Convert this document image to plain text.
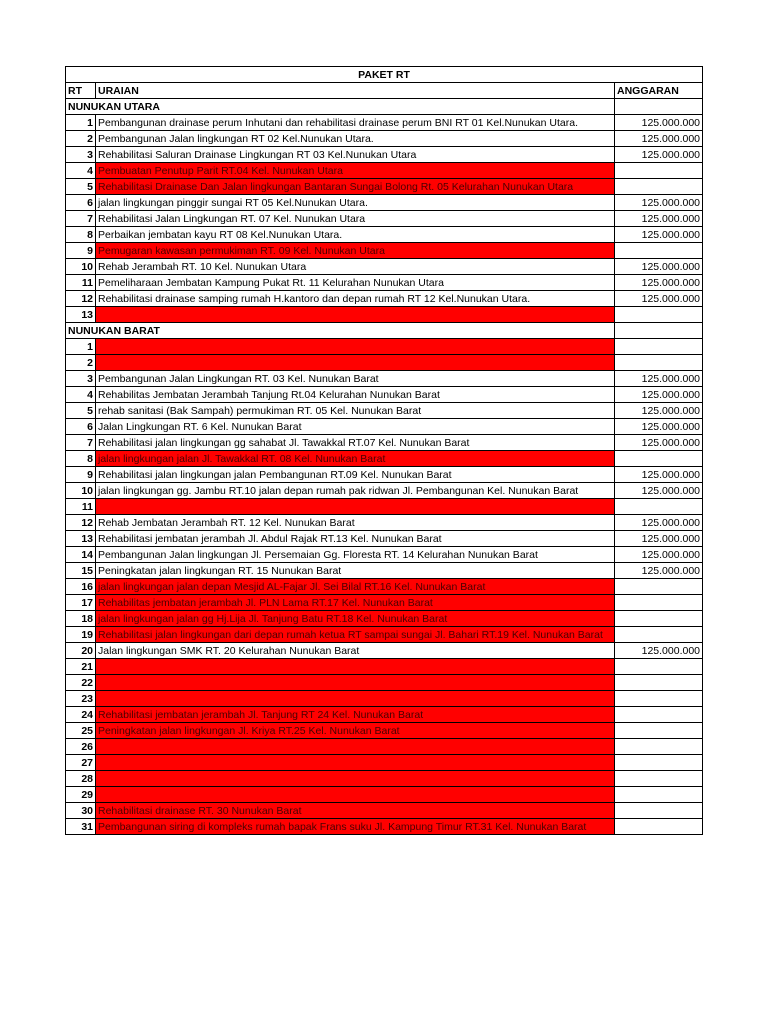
PAKET RT		
RT	URAIAN	ANGGARAN
NUNUKAN UTARA		
1	Pembangunan drainase perum Inhutani dan rehabilitasi drainase perum BNI RT 01 Kel.Nunukan Utara.	125.000.000
2	Pembangunan Jalan lingkungan RT 02 Kel.Nunukan Utara.	125.000.000
3	Rehabilitasi Saluran Drainase Lingkungan RT 03 Kel.Nunukan Utara	125.000.000
4	Pembuatan Penutup Parit RT.04 Kel. Nunukan Utara	
5	Rehabilitasi Drainase Dan Jalan lingkungan Bantaran Sungai Bolong Rt. 05 Kelurahan Nunukan Utara	
6	jalan lingkungan pinggir sungai RT 05 Kel.Nunukan Utara.	125.000.000
7	Rehabilitasi Jalan Lingkungan RT. 07 Kel. Nunukan Utara	125.000.000
8	Perbaikan jembatan kayu RT 08 Kel.Nunukan Utara.	125.000.000
9	Pemugaran kawasan permukiman RT. 09 Kel. Nunukan Utara	
10	Rehab Jerambah RT. 10 Kel. Nunukan Utara	125.000.000
11	Pemeliharaan Jembatan Kampung Pukat Rt. 11 Kelurahan Nunukan Utara	125.000.000
12	Rehabilitasi drainase samping rumah H.kantoro dan depan rumah RT 12 Kel.Nunukan Utara.	125.000.000
13		
NUNUKAN BARAT		
1		
2		
3	Pembangunan Jalan Lingkungan RT. 03 Kel. Nunukan Barat	125.000.000
4	Rehabilitas Jembatan Jerambah Tanjung Rt.04 Kelurahan Nunukan Barat	125.000.000
5	rehab sanitasi (Bak Sampah) permukiman RT. 05 Kel. Nunukan Barat	125.000.000
6	Jalan Lingkungan RT. 6 Kel. Nunukan Barat	125.000.000
7	Rehabilitasi jalan lingkungan gg sahabat Jl. Tawakkal RT.07 Kel. Nunukan Barat	125.000.000
8	jalan lingkungan jalan Jl. Tawakkal RT. 08 Kel. Nunukan Barat	
9	Rehabilitasi jalan lingkungan jalan Pembangunan RT.09 Kel. Nunukan Barat	125.000.000
10	jalan lingkungan gg. Jambu RT.10 jalan depan rumah pak ridwan Jl. Pembangunan Kel. Nunukan Barat	125.000.000
11		
12	Rehab Jembatan Jerambah RT. 12 Kel. Nunukan Barat	125.000.000
13	Rehabilitasi jembatan jerambah Jl. Abdul Rajak RT.13 Kel. Nunukan Barat	125.000.000
14	Pembangunan Jalan lingkungan Jl. Persemaian Gg. Floresta RT. 14 Kelurahan Nunukan Barat	125.000.000
15	Peningkatan jalan lingkungan RT. 15 Nunukan Barat	125.000.000
16	jalan lingkungan jalan depan Mesjid AL-Fajar Jl. Sei Bilal RT.16 Kel. Nunukan Barat	
17	Rehabilitas jembatan jerambah Jl. PLN Lama RT.17 Kel. Nunukan Barat	
18	jalan lingkungan jalan gg Hj.Lija Jl. Tanjung Batu RT.18 Kel. Nunukan Barat	
19	Rehabilitasi jalan lingkungan dari depan rumah ketua RT sampai sungai Jl. Bahari RT.19 Kel. Nunukan Barat	
20	Jalan lingkungan SMK RT. 20 Kelurahan Nunukan Barat	125.000.000
21		
22		
23		
24	Rehabilitasi jembatan jerambah Jl. Tanjung RT 24 Kel. Nunukan Barat	
25	Peningkatan jalan lingkungan Jl. Kriya RT.25 Kel. Nunukan Barat	
26		
27		
28		
29		
30	Rehabilitasi drainase RT. 30 Nunukan Barat	
31	Pembangunan siring di kompleks rumah bapak Frans suku Jl. Kampung Timur RT.31 Kel. Nunukan Barat	
